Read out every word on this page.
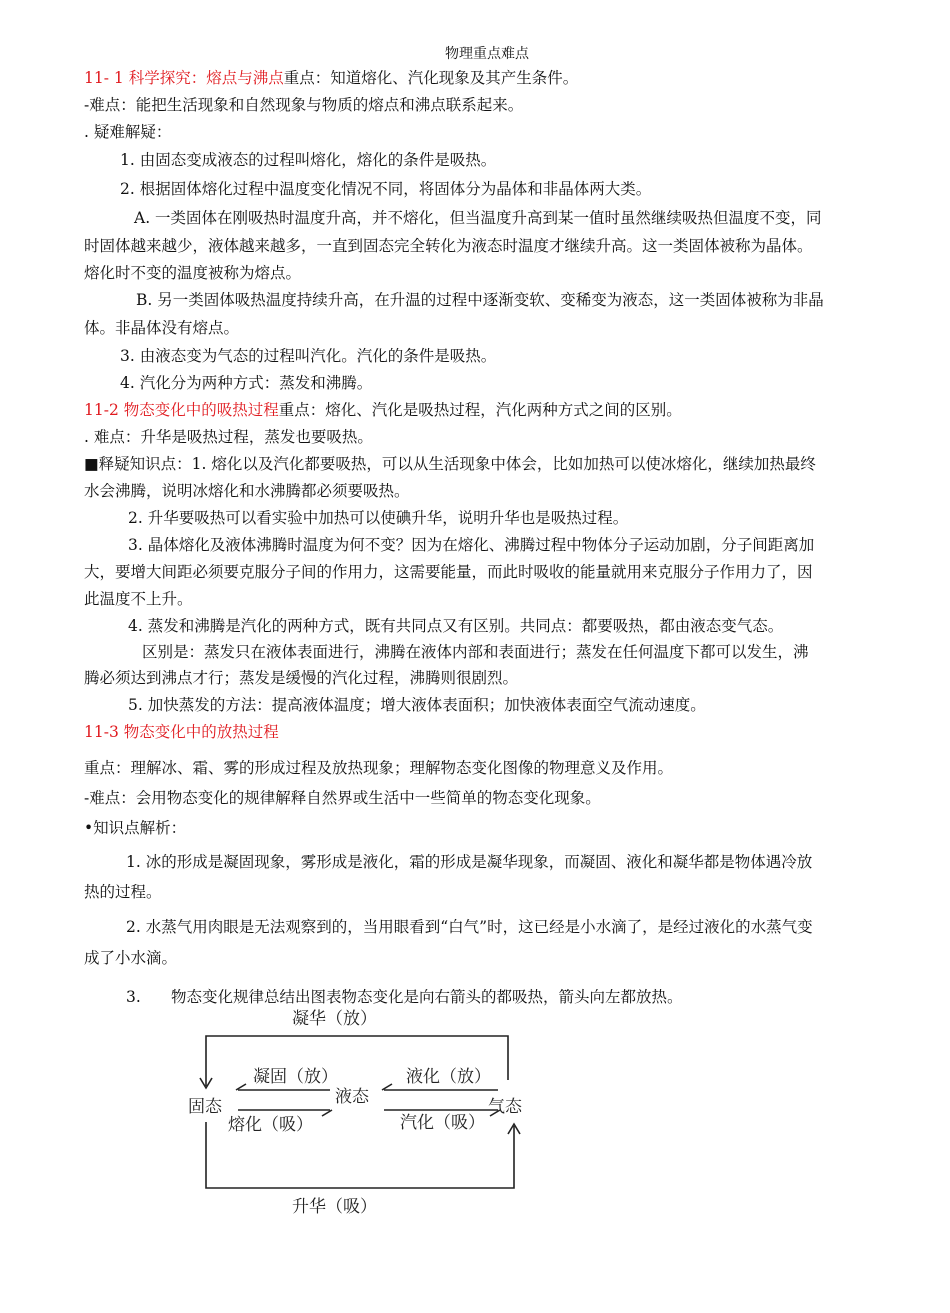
物理重点难点
11- 1 科学探究：熔点与沸点重点：知道熔化、汽化现象及其产生条件。
-难点：能把生活现象和自然现象与物质的熔点和沸点联系起来。
. 疑难解疑：
1. 由固态变成液态的过程叫熔化，熔化的条件是吸热。
2. 根据固体熔化过程中温度变化情况不同，将固体分为晶体和非晶体两大类。
A. 一类固体在刚吸热时温度升高，并不熔化，但当温度升高到某一值时虽然继续吸热但温度不变，同
时固体越来越少，液体越来越多，一直到固态完全转化为液态时温度才继续升高。这一类固体被称为晶体。
熔化时不变的温度被称为熔点。
B. 另一类固体吸热温度持续升高，在升温的过程中逐渐变软、变稀变为液态，这一类固体被称为非晶
体。非晶体没有熔点。
3. 由液态变为气态的过程叫汽化。汽化的条件是吸热。
4. 汽化分为两种方式：蒸发和沸腾。
11-2 物态变化中的吸热过程重点：熔化、汽化是吸热过程，汽化两种方式之间的区别。
. 难点：升华是吸热过程，蒸发也要吸热。
■释疑知识点：1. 熔化以及汽化都要吸热，可以从生活现象中体会，比如加热可以使冰熔化，继续加热最终
水会沸腾，说明冰熔化和水沸腾都必须要吸热。
2. 升华要吸热可以看实验中加热可以使碘升华，说明升华也是吸热过程。
3. 晶体熔化及液体沸腾时温度为何不变？因为在熔化、沸腾过程中物体分子运动加剧，分子间距离加
大，要增大间距必须要克服分子间的作用力，这需要能量，而此时吸收的能量就用来克服分子作用力了，因
此温度不上升。
4. 蒸发和沸腾是汽化的两种方式，既有共同点又有区别。共同点：都要吸热，都由液态变气态。
区别是：蒸发只在液体表面进行，沸腾在液体内部和表面进行；蒸发在任何温度下都可以发生，沸
腾必须达到沸点才行；蒸发是缓慢的汽化过程，沸腾则很剧烈。
5. 加快蒸发的方法：提高液体温度；增大液体表面积；加快液体表面空气流动速度。
11-3 物态变化中的放热过程
重点：理解冰、霜、雾的形成过程及放热现象；理解物态变化图像的物理意义及作用。
-难点：会用物态变化的规律解释自然界或生活中一些简单的物态变化现象。
•知识点解析：
1. 冰的形成是凝固现象，雾形成是液化，霜的形成是凝华现象，而凝固、液化和凝华都是物体遇冷放
热的过程。
2. 水蒸气用肉眼是无法观察到的，当用眼看到“白气”时，这已经是小水滴了，是经过液化的水蒸气变
成了小水滴。
3. 物态变化规律总结出图表物态变化是向右箭头的都吸热，箭头向左都放热。
凝华（放）
固态	液态	气态
凝固（放）
熔化（吸）
液化（放）
汽化（吸）
升华（吸）
